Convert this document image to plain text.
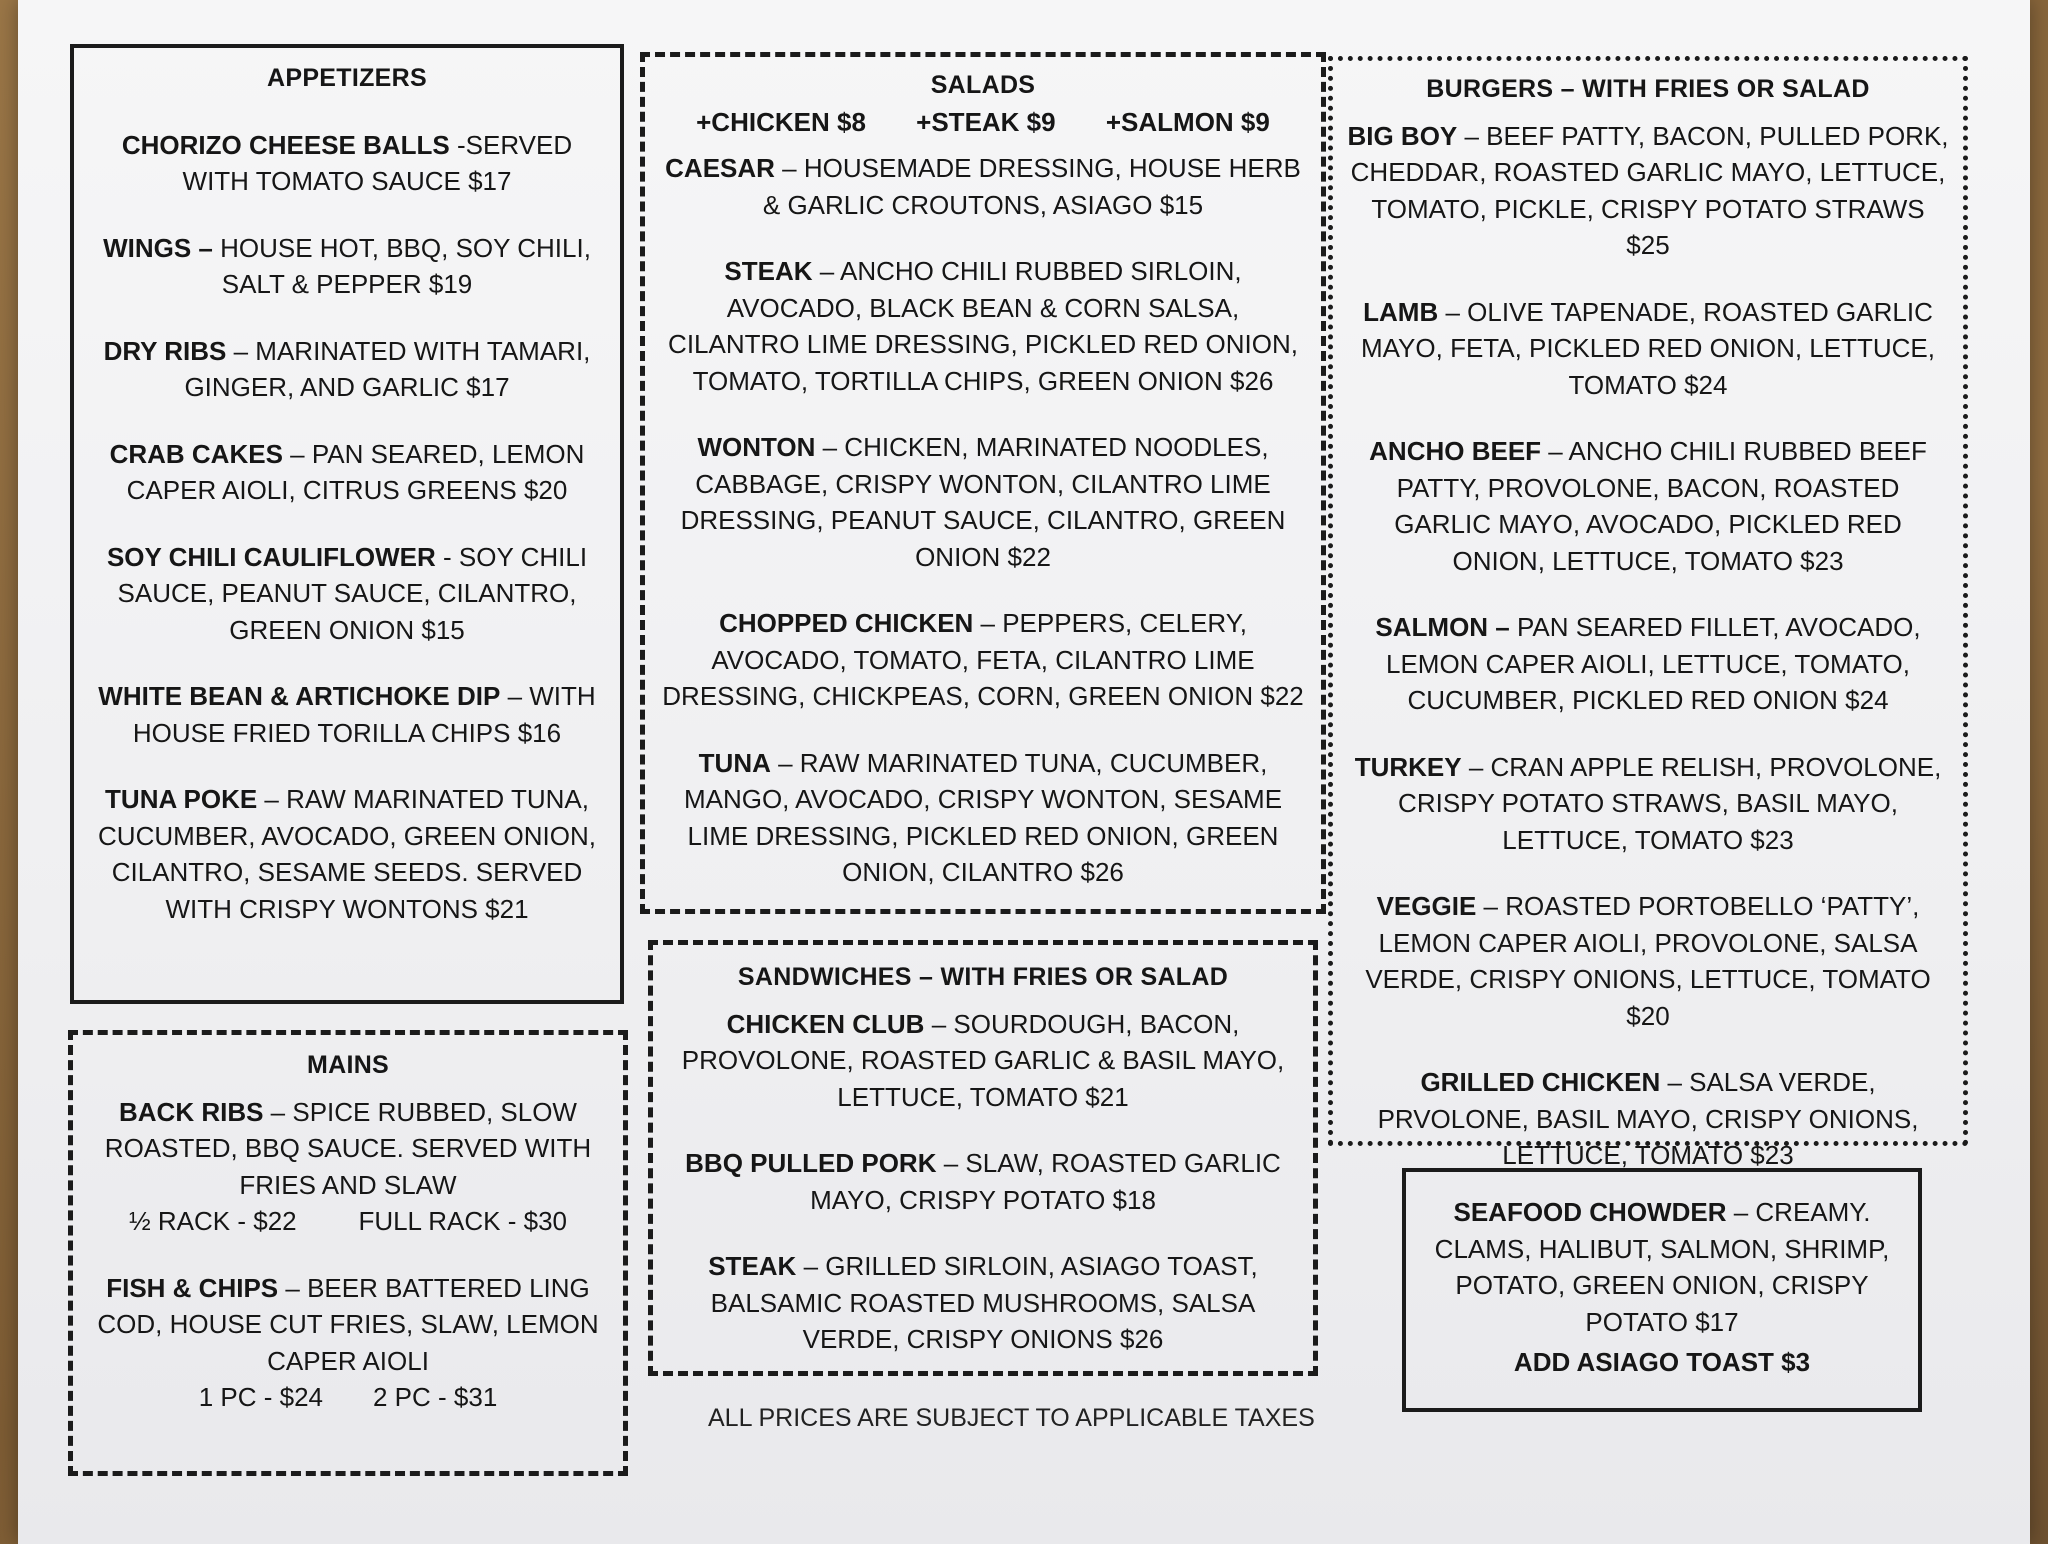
APPETIZERS
CHORIZO CHEESE BALLS -SERVED WITH TOMATO SAUCE $17
WINGS – HOUSE HOT, BBQ, SOY CHILI, SALT & PEPPER $19
DRY RIBS – MARINATED WITH TAMARI, GINGER, AND GARLIC $17
CRAB CAKES – PAN SEARED, LEMON CAPER AIOLI, CITRUS GREENS $20
SOY CHILI CAULIFLOWER - SOY CHILI SAUCE, PEANUT SAUCE, CILANTRO, GREEN ONION $15
WHITE BEAN & ARTICHOKE DIP – WITH HOUSE FRIED TORILLA CHIPS $16
TUNA POKE – RAW MARINATED TUNA, CUCUMBER, AVOCADO, GREEN ONION, CILANTRO, SESAME SEEDS. SERVED WITH CRISPY WONTONS $21
MAINS
BACK RIBS – SPICE RUBBED, SLOW ROASTED, BBQ SAUCE. SERVED WITH FRIES AND SLAW
½ RACK - $22 FULL RACK - $30
FISH & CHIPS – BEER BATTERED LING COD, HOUSE CUT FRIES, SLAW, LEMON CAPER AIOLI
1 PC - $24 2 PC - $31
SALADS
+CHICKEN $8 +STEAK $9 +SALMON $9
CAESAR – HOUSEMADE DRESSING, HOUSE HERB & GARLIC CROUTONS, ASIAGO $15
STEAK – ANCHO CHILI RUBBED SIRLOIN, AVOCADO, BLACK BEAN & CORN SALSA, CILANTRO LIME DRESSING, PICKLED RED ONION, TOMATO, TORTILLA CHIPS, GREEN ONION $26
WONTON – CHICKEN, MARINATED NOODLES, CABBAGE, CRISPY WONTON, CILANTRO LIME DRESSING, PEANUT SAUCE, CILANTRO, GREEN ONION $22
CHOPPED CHICKEN – PEPPERS, CELERY, AVOCADO, TOMATO, FETA, CILANTRO LIME DRESSING, CHICKPEAS, CORN, GREEN ONION $22
TUNA – RAW MARINATED TUNA, CUCUMBER, MANGO, AVOCADO, CRISPY WONTON, SESAME LIME DRESSING, PICKLED RED ONION, GREEN ONION, CILANTRO $26
SANDWICHES – WITH FRIES OR SALAD
CHICKEN CLUB – SOURDOUGH, BACON, PROVOLONE, ROASTED GARLIC & BASIL MAYO, LETTUCE, TOMATO $21
BBQ PULLED PORK – SLAW, ROASTED GARLIC MAYO, CRISPY POTATO $18
STEAK – GRILLED SIRLOIN, ASIAGO TOAST, BALSAMIC ROASTED MUSHROOMS, SALSA VERDE, CRISPY ONIONS $26
ALL PRICES ARE SUBJECT TO APPLICABLE TAXES
BURGERS – WITH FRIES OR SALAD
BIG BOY – BEEF PATTY, BACON, PULLED PORK, CHEDDAR, ROASTED GARLIC MAYO, LETTUCE, TOMATO, PICKLE, CRISPY POTATO STRAWS $25
LAMB – OLIVE TAPENADE, ROASTED GARLIC MAYO, FETA, PICKLED RED ONION, LETTUCE, TOMATO $24
ANCHO BEEF – ANCHO CHILI RUBBED BEEF PATTY, PROVOLONE, BACON, ROASTED GARLIC MAYO, AVOCADO, PICKLED RED ONION, LETTUCE, TOMATO $23
SALMON – PAN SEARED FILLET, AVOCADO, LEMON CAPER AIOLI, LETTUCE, TOMATO, CUCUMBER, PICKLED RED ONION $24
TURKEY – CRAN APPLE RELISH, PROVOLONE, CRISPY POTATO STRAWS, BASIL MAYO, LETTUCE, TOMATO $23
VEGGIE – ROASTED PORTOBELLO ‘PATTY’, LEMON CAPER AIOLI, PROVOLONE, SALSA VERDE, CRISPY ONIONS, LETTUCE, TOMATO $20
GRILLED CHICKEN – SALSA VERDE, PRVOLONE, BASIL MAYO, CRISPY ONIONS, LETTUCE, TOMATO $23
SEAFOOD CHOWDER – CREAMY. CLAMS, HALIBUT, SALMON, SHRIMP, POTATO, GREEN ONION, CRISPY POTATO $17
ADD ASIAGO TOAST $3
